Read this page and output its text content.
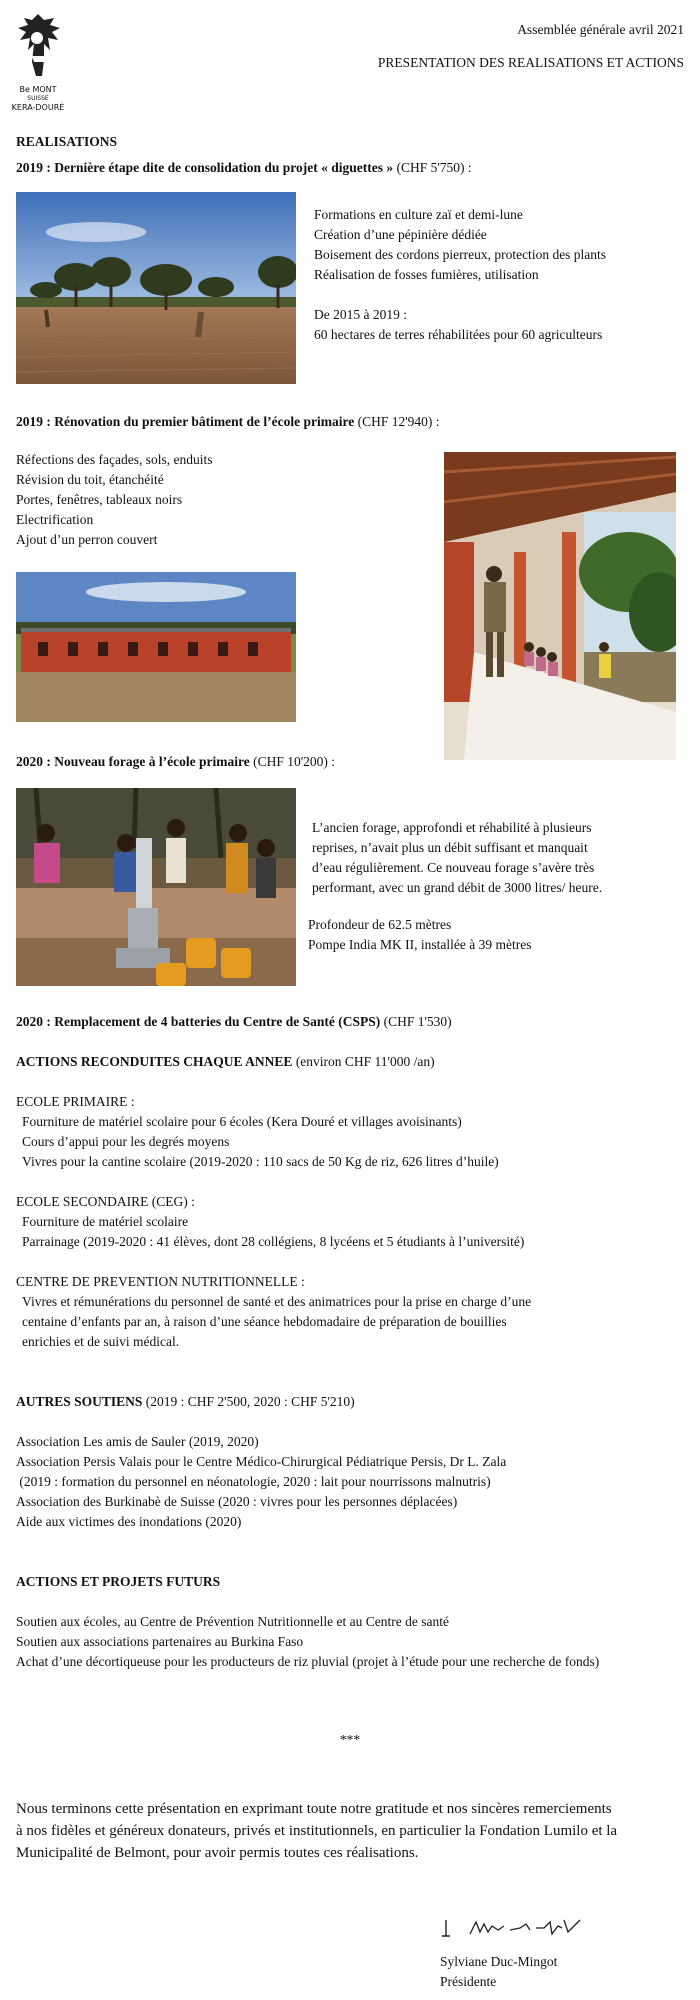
Be MONT
SUISSE
KERA-DOURÉ
Assemblée générale avril 2021
PRESENTATION DES REALISATIONS ET ACTIONS
REALISATIONS
2019 : Dernière étape dite de consolidation du projet « diguettes » (CHF 5'750) :
Formations en culture zaï et demi-lune
Création d’une pépinière dédiée
Boisement des cordons pierreux, protection des plants
Réalisation de fosses fumières, utilisation
De 2015 à 2019 :
60 hectares de terres réhabilitées pour 60 agriculteurs
2019 : Rénovation du premier bâtiment de l’école primaire (CHF 12'940) :
Réfections des façades, sols, enduits
Révision du toit, étanchéité
Portes, fenêtres, tableaux noirs
Electrification
Ajout d’un perron couvert
2020 : Nouveau forage à l’école primaire (CHF 10'200) :
L’ancien forage, approfondi et réhabilité à plusieurs
reprises, n’avait plus un débit suffisant et manquait
d’eau régulièrement. Ce nouveau forage s’avère très
performant, avec un grand débit de 3000 litres/ heure.
Profondeur de 62.5 mètres
Pompe India MK II, installée à 39 mètres
2020 : Remplacement de 4 batteries du Centre de Santé (CSPS) (CHF 1'530)
ACTIONS RECONDUITES CHAQUE ANNEE (environ CHF 11'000 /an)
ECOLE PRIMAIRE :
Fourniture de matériel scolaire pour 6 écoles (Kera Douré et villages avoisinants)
Cours d’appui pour les degrés moyens
Vivres pour la cantine scolaire (2019-2020 : 110 sacs de 50 Kg de riz, 626 litres d’huile)
ECOLE SECONDAIRE (CEG) :
Fourniture de matériel scolaire
Parrainage (2019-2020 : 41 élèves, dont 28 collégiens, 8 lycéens et 5 étudiants à l’université)
CENTRE DE PREVENTION NUTRITIONNELLE :
Vivres et rémunérations du personnel de santé et des animatrices pour la prise en charge d’une
centaine d’enfants par an, à raison d’une séance hebdomadaire de préparation de bouillies
enrichies et de suivi médical.
AUTRES SOUTIENS (2019 : CHF 2'500, 2020 : CHF 5'210)
Association Les amis de Sauler (2019, 2020)
Association Persis Valais pour le Centre Médico-Chirurgical Pédiatrique Persis, Dr L. Zala
(2019 : formation du personnel en néonatologie, 2020 : lait pour nourrissons malnutris)
Association des Burkinabè de Suisse (2020 : vivres pour les personnes déplacées)
Aide aux victimes des inondations (2020)
ACTIONS ET PROJETS FUTURS
Soutien aux écoles, au Centre de Prévention Nutritionnelle et au Centre de santé
Soutien aux associations partenaires au Burkina Faso
Achat d’une décortiqueuse pour les producteurs de riz pluvial (projet à l’étude pour une recherche de fonds)
***
Nous terminons cette présentation en exprimant toute notre gratitude et nos sincères remerciements
à nos fidèles et généreux donateurs, privés et institutionnels, en particulier la Fondation Lumilo et la
Municipalité de Belmont, pour avoir permis toutes ces réalisations.
Sylviane Duc-Mingot
Présidente
